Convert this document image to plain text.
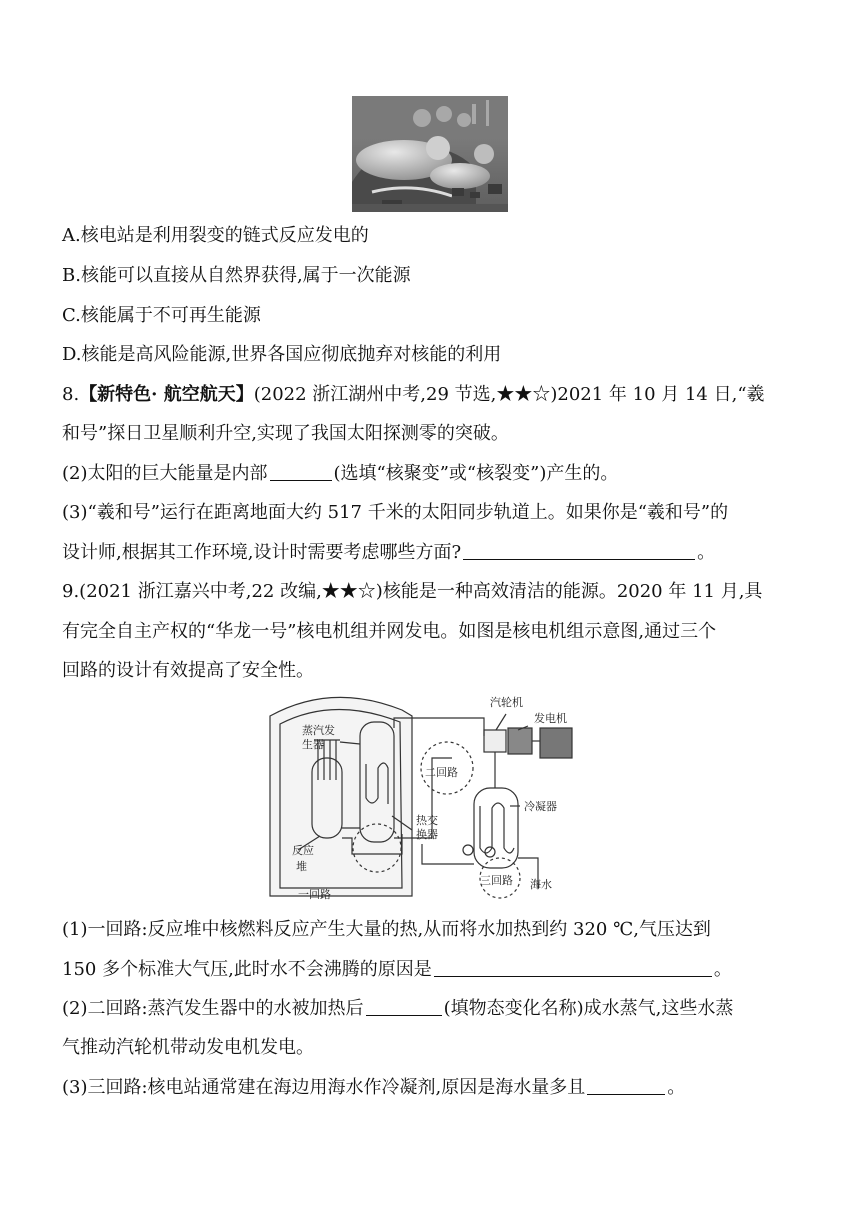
A.核电站是利用裂变的链式反应发电的
B.核能可以直接从自然界获得,属于一次能源
C.核能属于不可再生能源
D.核能是高风险能源,世界各国应彻底抛弃对核能的利用
8.【新特色· 航空航天】(2022 浙江湖州中考,29 节选,★★☆)2021 年 10 月 14 日,“羲
和号”探日卫星顺利升空,实现了我国太阳探测零的突破。
(2)太阳的巨大能量是内部	(选填“核聚变”或“核裂变”)产生的。
(3)“羲和号”运行在距离地面大约 517 千米的太阳同步轨道上。如果你是“羲和号”的
设计师,根据其工作环境,设计时需要考虑哪些方面?	。
9.(2021 浙江嘉兴中考,22 改编,★★☆)核能是一种高效清洁的能源。2020 年 11 月,具
有完全自主产权的“华龙一号”核电机组并网发电。如图是核电机组示意图,通过三个
回路的设计有效提高了安全性。
汽轮机
发电机
蒸汽发
生器
二回路
冷凝器
热交
换器
反应
堆
一回路
三回路 海水
(1)一回路:反应堆中核燃料反应产生大量的热,从而将水加热到约 320 ℃,气压达到
150 多个标准大气压,此时水不会沸腾的原因是	。
(2)二回路:蒸汽发生器中的水被加热后	(填物态变化名称)成水蒸气,这些水蒸
气推动汽轮机带动发电机发电。
(3)三回路:核电站通常建在海边用海水作冷凝剂,原因是海水量多且	。
